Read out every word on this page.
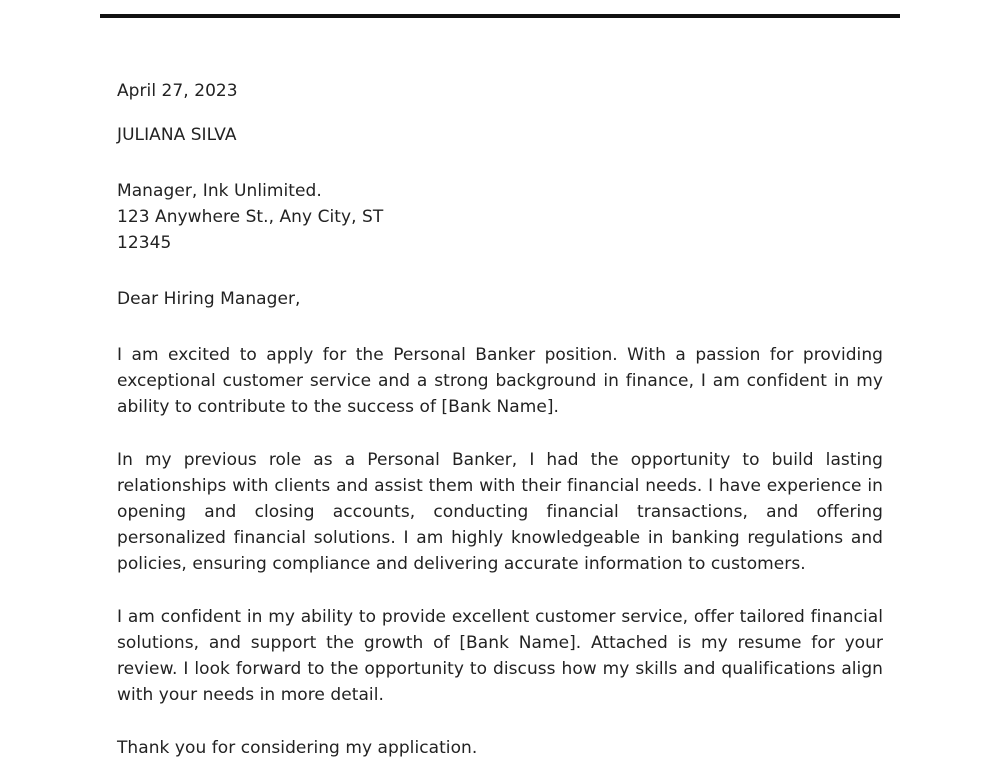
April 27, 2023

JULIANA SILVA

Manager, Ink Unlimited.
123 Anywhere St., Any City, ST
12345

Dear Hiring Manager,

I am excited to apply for the Personal Banker position. With a passion for providing exceptional customer service and a strong background in finance, I am confident in my ability to contribute to the success of [Bank Name].

In my previous role as a Personal Banker, I had the opportunity to build lasting relationships with clients and assist them with their financial needs. I have experience in opening and closing accounts, conducting financial transactions, and offering personalized financial solutions. I am highly knowledgeable in banking regulations and policies, ensuring compliance and delivering accurate information to customers.

I am confident in my ability to provide excellent customer service, offer tailored financial solutions, and support the growth of [Bank Name]. Attached is my resume for your review. I look forward to the opportunity to discuss how my skills and qualifications align with your needs in more detail.

Thank you for considering my application.
